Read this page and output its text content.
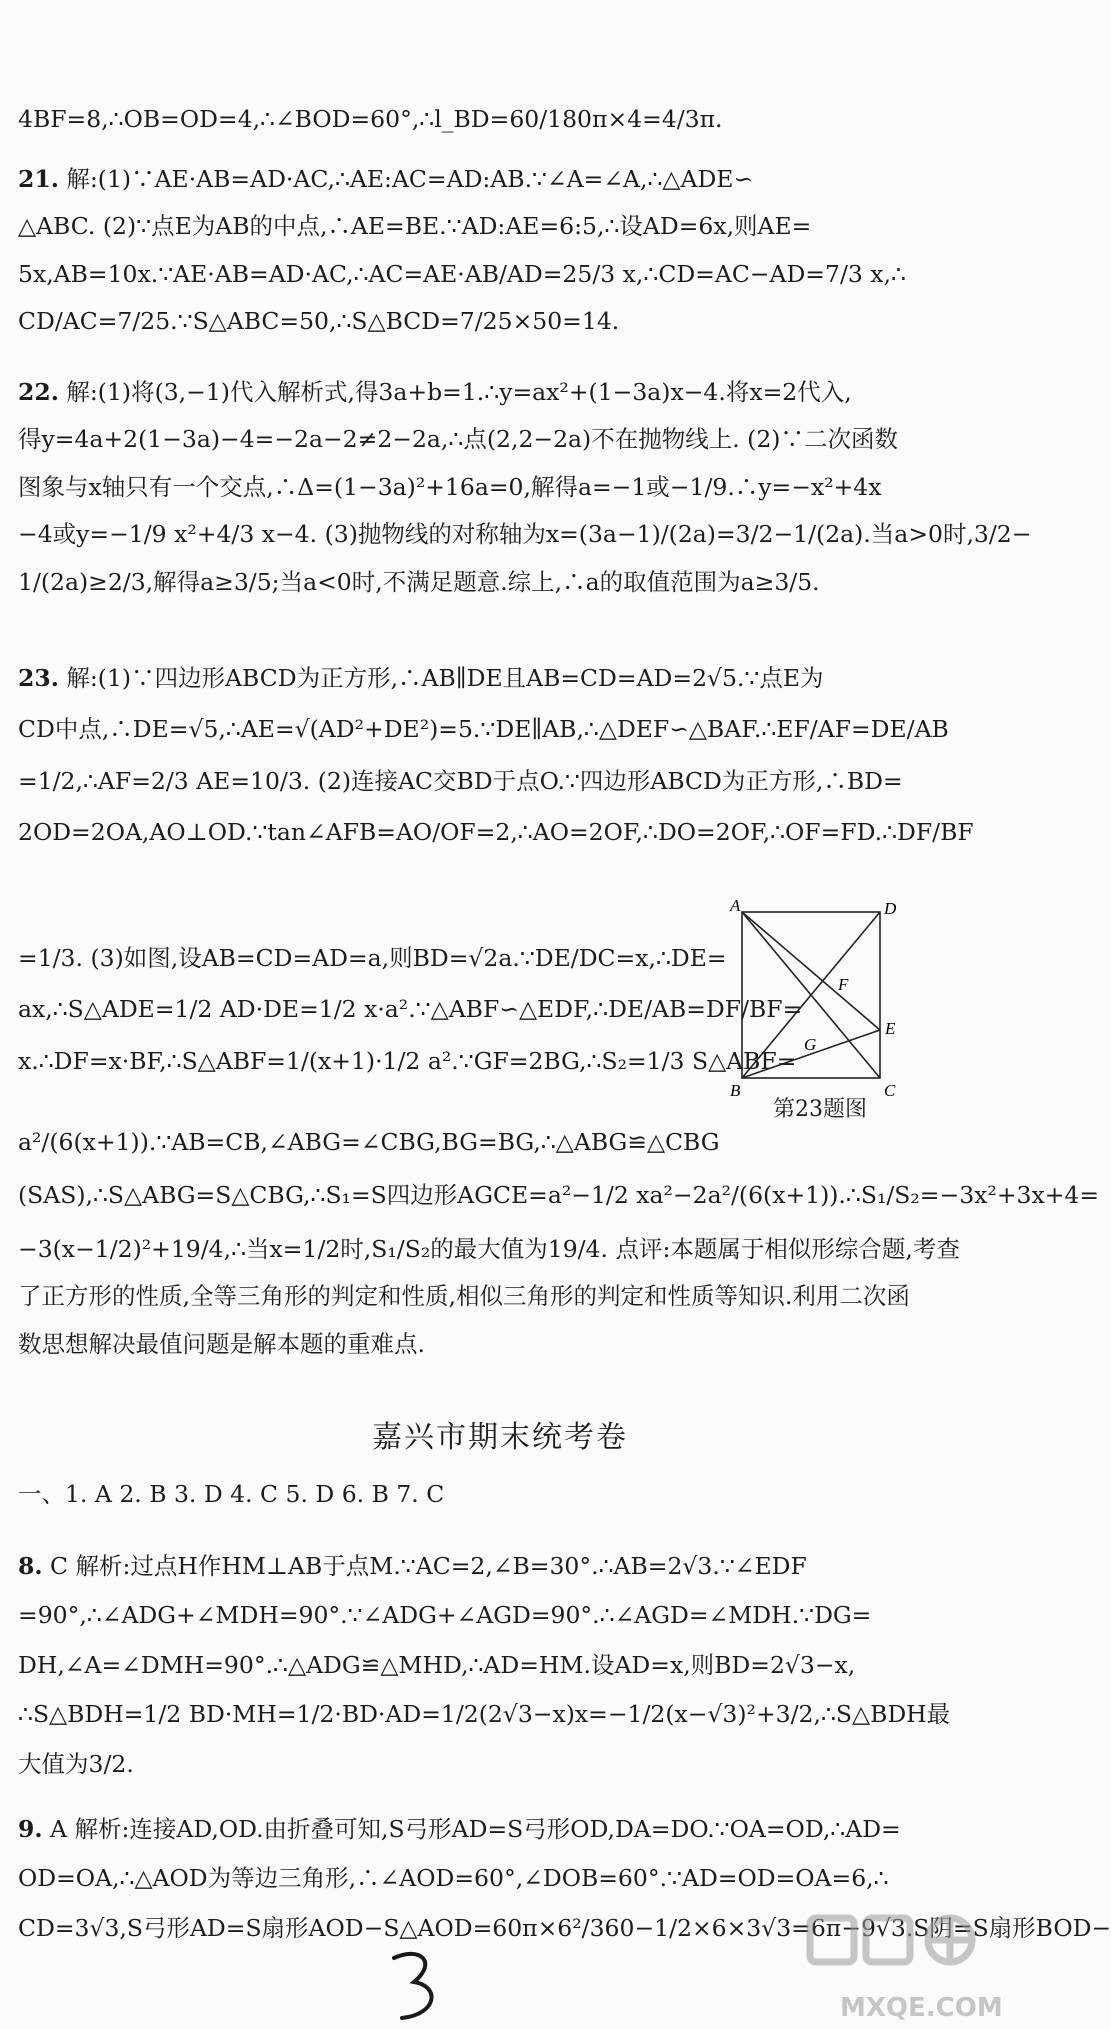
4BF=8,∴OB=OD=4,∴∠BOD=60°,∴l_BD=60/180π×4=4/3π.

21. 解:(1)∵AE·AB=AD·AC,∴AE:AC=AD:AB.∵∠A=∠A,∴△ADE∽

△ABC. (2)∵点E为AB的中点,∴AE=BE.∵AD:AE=6:5,∴设AD=6x,则AE=

5x,AB=10x.∵AE·AB=AD·AC,∴AC=AE·AB/AD=25/3 x,∴CD=AC−AD=7/3 x,∴

CD/AC=7/25.∵S△ABC=50,∴S△BCD=7/25×50=14.

22. 解:(1)将(3,−1)代入解析式,得3a+b=1.∴y=ax²+(1−3a)x−4.将x=2代入,

得y=4a+2(1−3a)−4=−2a−2≠2−2a,∴点(2,2−2a)不在抛物线上. (2)∵二次函数

图象与x轴只有一个交点,∴Δ=(1−3a)²+16a=0,解得a=−1或−1/9.∴y=−x²+4x

−4或y=−1/9 x²+4/3 x−4. (3)抛物线的对称轴为x=(3a−1)/(2a)=3/2−1/(2a).当a>0时,3/2−

1/(2a)≥2/3,解得a≥3/5;当a<0时,不满足题意.综上,∴a的取值范围为a≥3/5.

23. 解:(1)∵四边形ABCD为正方形,∴AB∥DE且AB=CD=AD=2√5.∵点E为

CD中点,∴DE=√5,∴AE=√(AD²+DE²)=5.∵DE∥AB,∴△DEF∽△BAF.∴EF/AF=DE/AB

=1/2,∴AF=2/3 AE=10/3. (2)连接AC交BD于点O.∵四边形ABCD为正方形,∴BD=

2OD=2OA,AO⊥OD.∵tan∠AFB=AO/OF=2,∴AO=2OF,∴DO=2OF,∴OF=FD.∴DF/BF

=1/3. (3)如图,设AB=CD=AD=a,则BD=√2a.∵DE/DC=x,∴DE=

ax,∴S△ADE=1/2 AD·DE=1/2 x·a².∵△ABF∽△EDF,∴DE/AB=DF/BF=

x.∴DF=x·BF,∴S△ABF=1/(x+1)·1/2 a².∵GF=2BG,∴S₂=1/3 S△ABF=

a²/(6(x+1)).∵AB=CB,∠ABG=∠CBG,BG=BG,∴△ABG≌△CBG

(SAS),∴S△ABG=S△CBG,∴S₁=S四边形AGCE=a²−1/2 xa²−2a²/(6(x+1)).∴S₁/S₂=−3x²+3x+4=

−3(x−1/2)²+19/4,∴当x=1/2时,S₁/S₂的最大值为19/4. 点评:本题属于相似形综合题,考查

了正方形的性质,全等三角形的判定和性质,相似三角形的判定和性质等知识.利用二次函

数思想解决最值问题是解本题的重难点.

A	D
E
F
G
B	C
第23题图
嘉兴市期末统考卷

一、1. A 2. B 3. D 4. C 5. D 6. B 7. C

8. C 解析:过点H作HM⊥AB于点M.∵AC=2,∠B=30°.∴AB=2√3.∵∠EDF

=90°,∴∠ADG+∠MDH=90°.∵∠ADG+∠AGD=90°.∴∠AGD=∠MDH.∵DG=

DH,∠A=∠DMH=90°.∴△ADG≌△MHD,∴AD=HM.设AD=x,则BD=2√3−x,

∴S△BDH=1/2 BD·MH=1/2·BD·AD=1/2(2√3−x)x=−1/2(x−√3)²+3/2,∴S△BDH最

大值为3/2.

9. A 解析:连接AD,OD.由折叠可知,S弓形AD=S弓形OD,DA=DO.∵OA=OD,∴AD=

OD=OA,∴△AOD为等边三角形,∴∠AOD=60°,∠DOB=60°.∵AD=OD=OA=6,∴

CD=3√3,S弓形AD=S扇形AOD−S△AOD=60π×6²/360−1/2×6×3√3=6π−9√3.S阴=S扇形BOD−

MXQE.COM
